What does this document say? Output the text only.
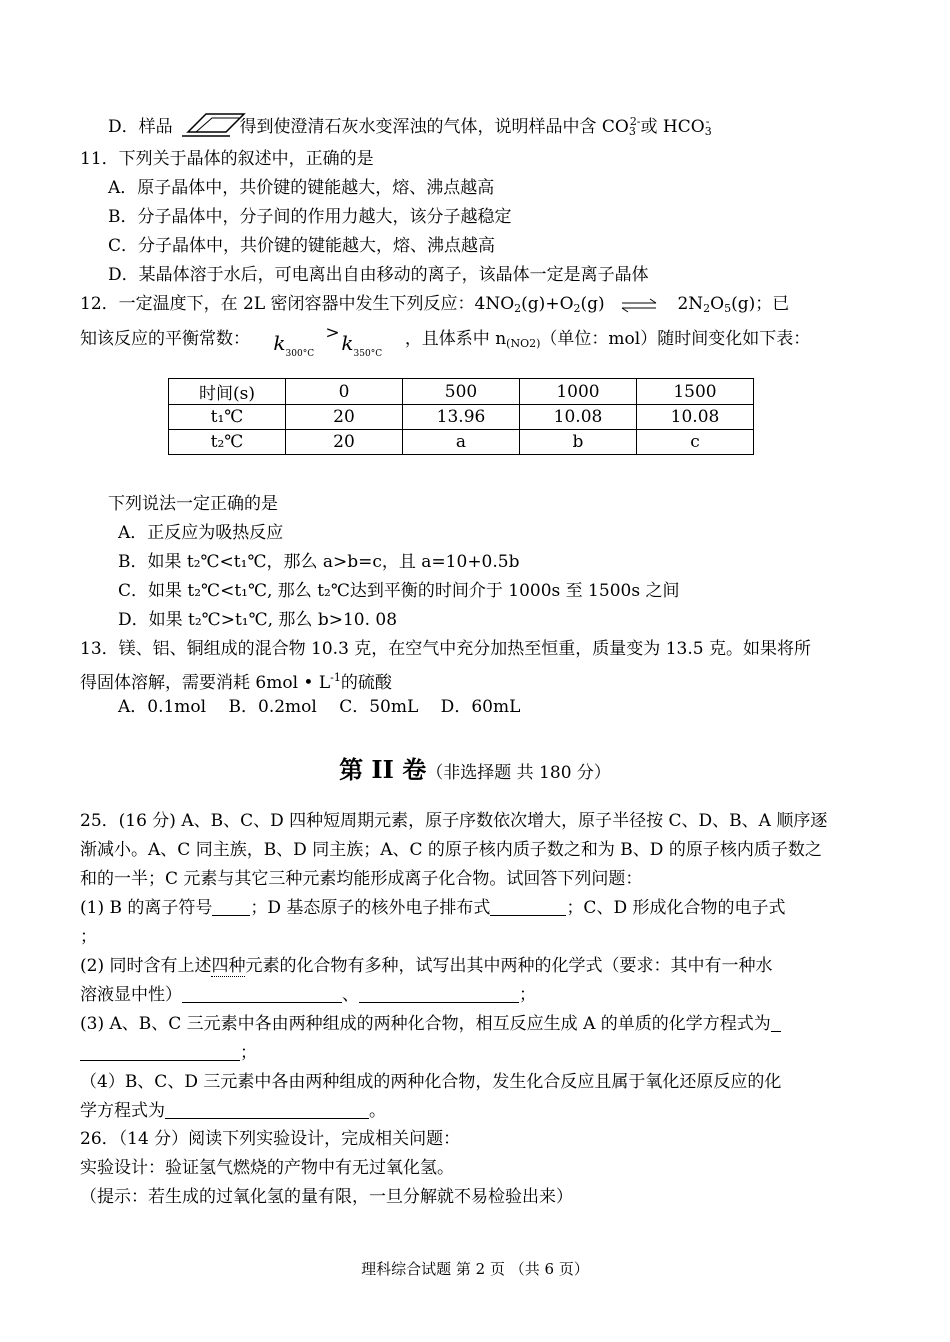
D．样品	得到使澄清石灰水变浑浊的气体，说明样品中含 $CO_3^{2-}$或 $HCO_3^-$
11．下列关于晶体的叙述中，正确的是
A．原子晶体中，共价键的键能越大，熔、沸点越高
B．分子晶体中，分子间的作用力越大，该分子越稳定
C．分子晶体中，共价键的键能越大，熔、沸点越高
D．某晶体溶于水后，可电离出自由移动的离子，该晶体一定是离子晶体
12．一定温度下，在 2L 密闭容器中发生下列反应：$4NO_2(g)+O_2(g)$ ⇌ $2N_2O_5(g)$；已
知该反应的平衡常数： $k_{300^\circ C}$
> $k_{350^\circ C}$
，且体系中 $n_{(NO2)}$（单位：mol）随时间变化如下表：
时间(s)	0	500	1000	1500
t₁℃	20	13.96	10.08	10.08
t₂℃	20	a	b	c
下列说法一定正确的是
A．正反应为吸热反应
B．如果 t₂℃<t₁℃，那么 a>b=c，且 a=10+0.5b
C．如果 t₂℃<t₁℃, 那么 t₂℃达到平衡的时间介于 1000s 至 1500s 之间
D．如果 t₂℃>t₁℃, 那么 b>10. 08
13．镁、铝、铜组成的混合物 10.3 克，在空气中充分加热至恒重，质量变为 13.5 克。如果将所
得固体溶解，需要消耗 6mol • $L^{-1}$的硫酸
A．0.1mol　 B．0.2mol　 C．50mL　 D．60mL
第 II 卷（非选择题 共 180 分）
25．(16 分) A、B、C、D 四种短周期元素，原子序数依次增大，原子半径按 C、D、B、A 顺序逐
渐减小。A、C 同主族，B、D 同主族；A、C 的原子核内质子数之和为 B、D 的原子核内质子数之
和的一半；C 元素与其它三种元素均能形成离子化合物。试回答下列问题：
(1) B 的离子符号 ；D 基态原子的核外电子排布式	；C、D 形成化合物的电子式
；
(2) 同时含有上述四种元素的化合物有多种，试写出其中两种的化学式（要求：其中有一种水
溶液显中性）	、	；
(3) A、B、C 三元素中各由两种组成的两种化合物，相互反应生成 A 的单质的化学方程式为
；
（4）B、C、D 三元素中各由两种组成的两种化合物，发生化合反应且属于氧化还原反应的化
学方程式为	。
26．（14 分）阅读下列实验设计，完成相关问题：
实验设计：验证氢气燃烧的产物中有无过氧化氢。
（提示：若生成的过氧化氢的量有限，一旦分解就不易检验出来）
理科综合试题 第 2 页 （共 6 页）
